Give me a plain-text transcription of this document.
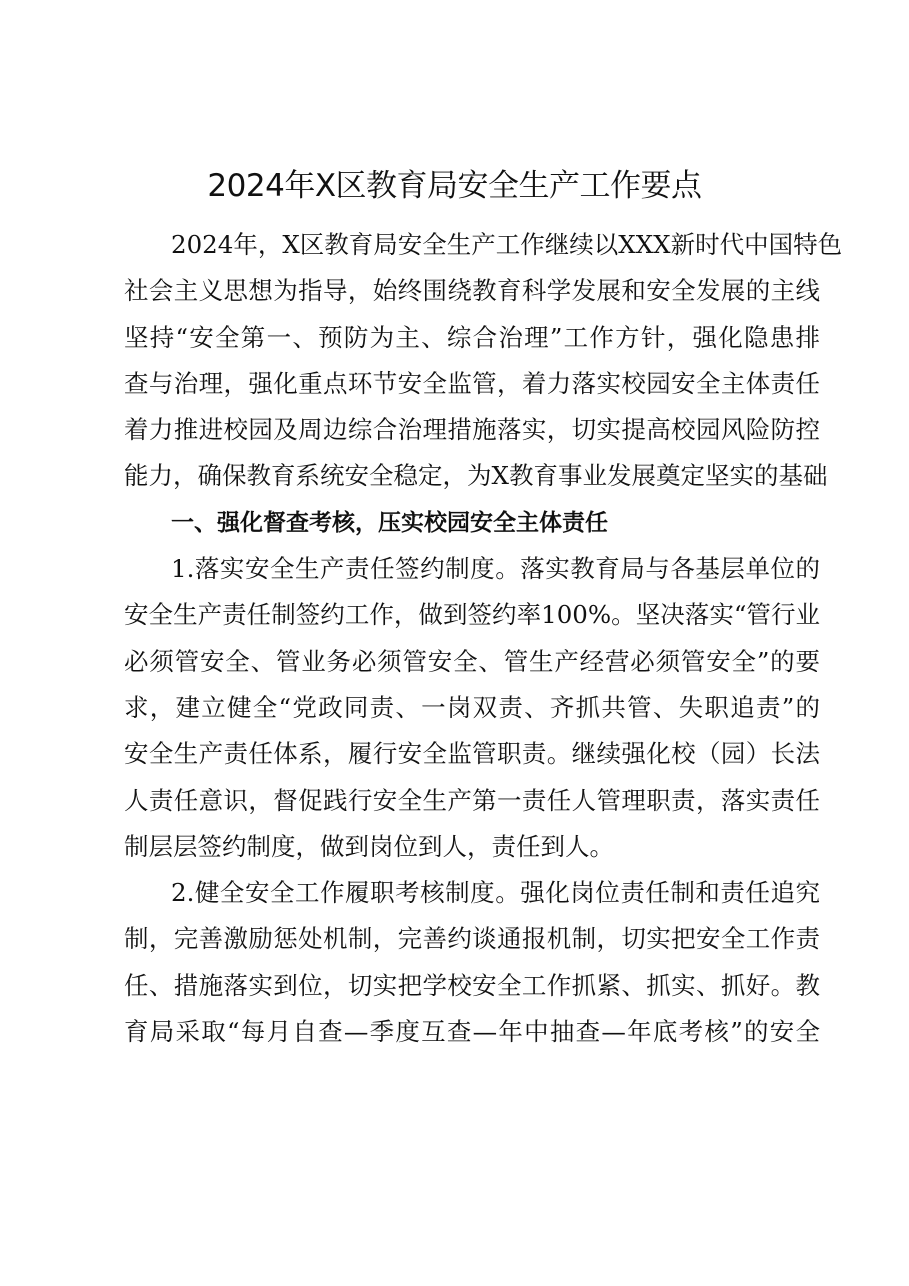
2024年X区教育局安全生产工作要点
2024年，X区教育局安全生产工作继续以XXX新时代中国特色
社会主义思想为指导，始终围绕教育科学发展和安全发展的主线
坚持“安全第一、预防为主、综合治理”工作方针，强化隐患排
查与治理，强化重点环节安全监管，着力落实校园安全主体责任
着力推进校园及周边综合治理措施落实，切实提高校园风险防控
能力，确保教育系统安全稳定，为X教育事业发展奠定坚实的基础
一、强化督查考核，压实校园安全主体责任
1.落实安全生产责任签约制度。落实教育局与各基层单位的
安全生产责任制签约工作，做到签约率100%。坚决落实“管行业
必须管安全、管业务必须管安全、管生产经营必须管安全”的要
求，建立健全“党政同责、一岗双责、齐抓共管、失职追责”的
安全生产责任体系，履行安全监管职责。继续强化校（园）长法
人责任意识，督促践行安全生产第一责任人管理职责，落实责任
制层层签约制度，做到岗位到人，责任到人。
2.健全安全工作履职考核制度。强化岗位责任制和责任追究
制，完善激励惩处机制，完善约谈通报机制，切实把安全工作责
任、措施落实到位，切实把学校安全工作抓紧、抓实、抓好。教
育局采取“每月自查—季度互查—年中抽查—年底考核”的安全
